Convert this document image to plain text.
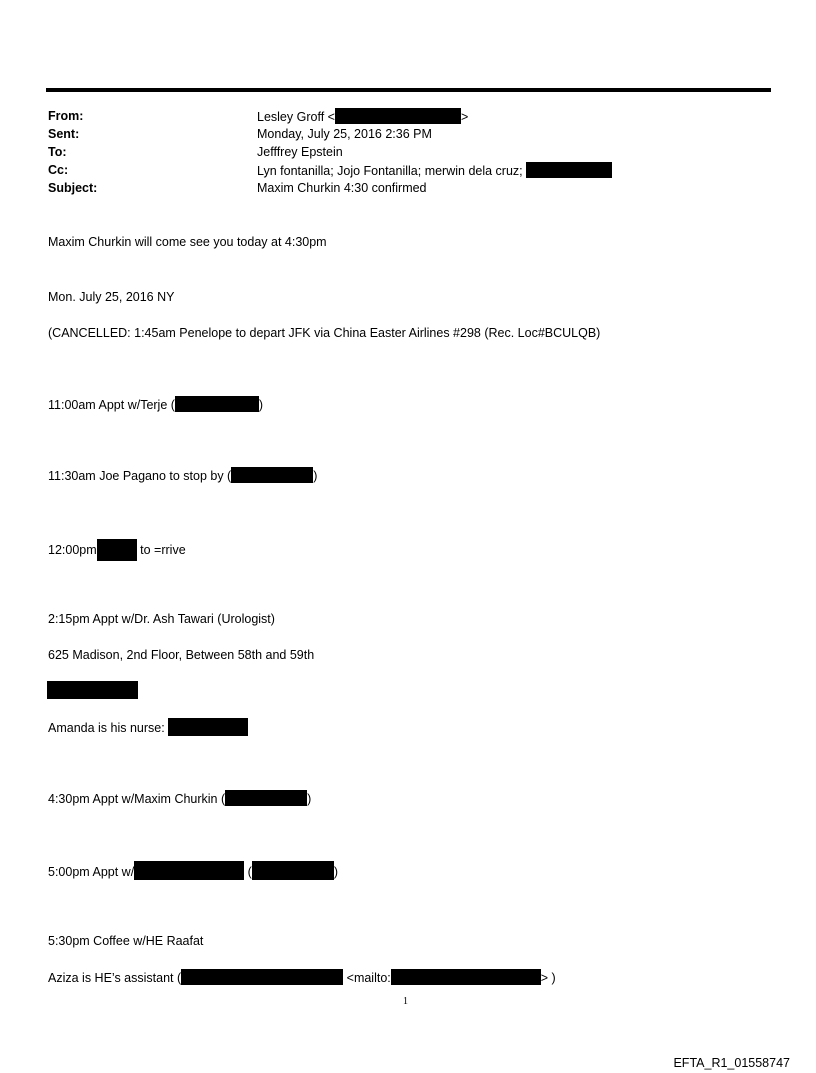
From:	Lesley Groff <	>
Sent:	Monday, July 25, 2016 2:36 PM
To:	Jefffrey Epstein
Cc:	Lyn fontanilla; Jojo Fontanilla; merwin dela cruz;
Subject:	Maxim Churkin 4:30 confirmed
Maxim Churkin will come see you today at 4:30pm
Mon. July 25, 2016 NY
(CANCELLED: 1:45am Penelope to depart JFK via China Easter Airlines #298 (Rec. Loc#BCULQB)
11:00am Appt w/Terje (	)
11:30am Joe Pagano to stop by (	)
12:00pm	to =rrive
2:15pm Appt w/Dr. Ash Tawari (Urologist)
625 Madison, 2nd Floor, Between 58th and 59th
Amanda is his nurse:
4:30pm Appt w/Maxim Churkin (	)
5:00pm Appt w/	(	)
5:30pm Coffee w/HE Raafat
Aziza is HE’s assistant (	<mailto:	> )
1
EFTA_R1_01558747
